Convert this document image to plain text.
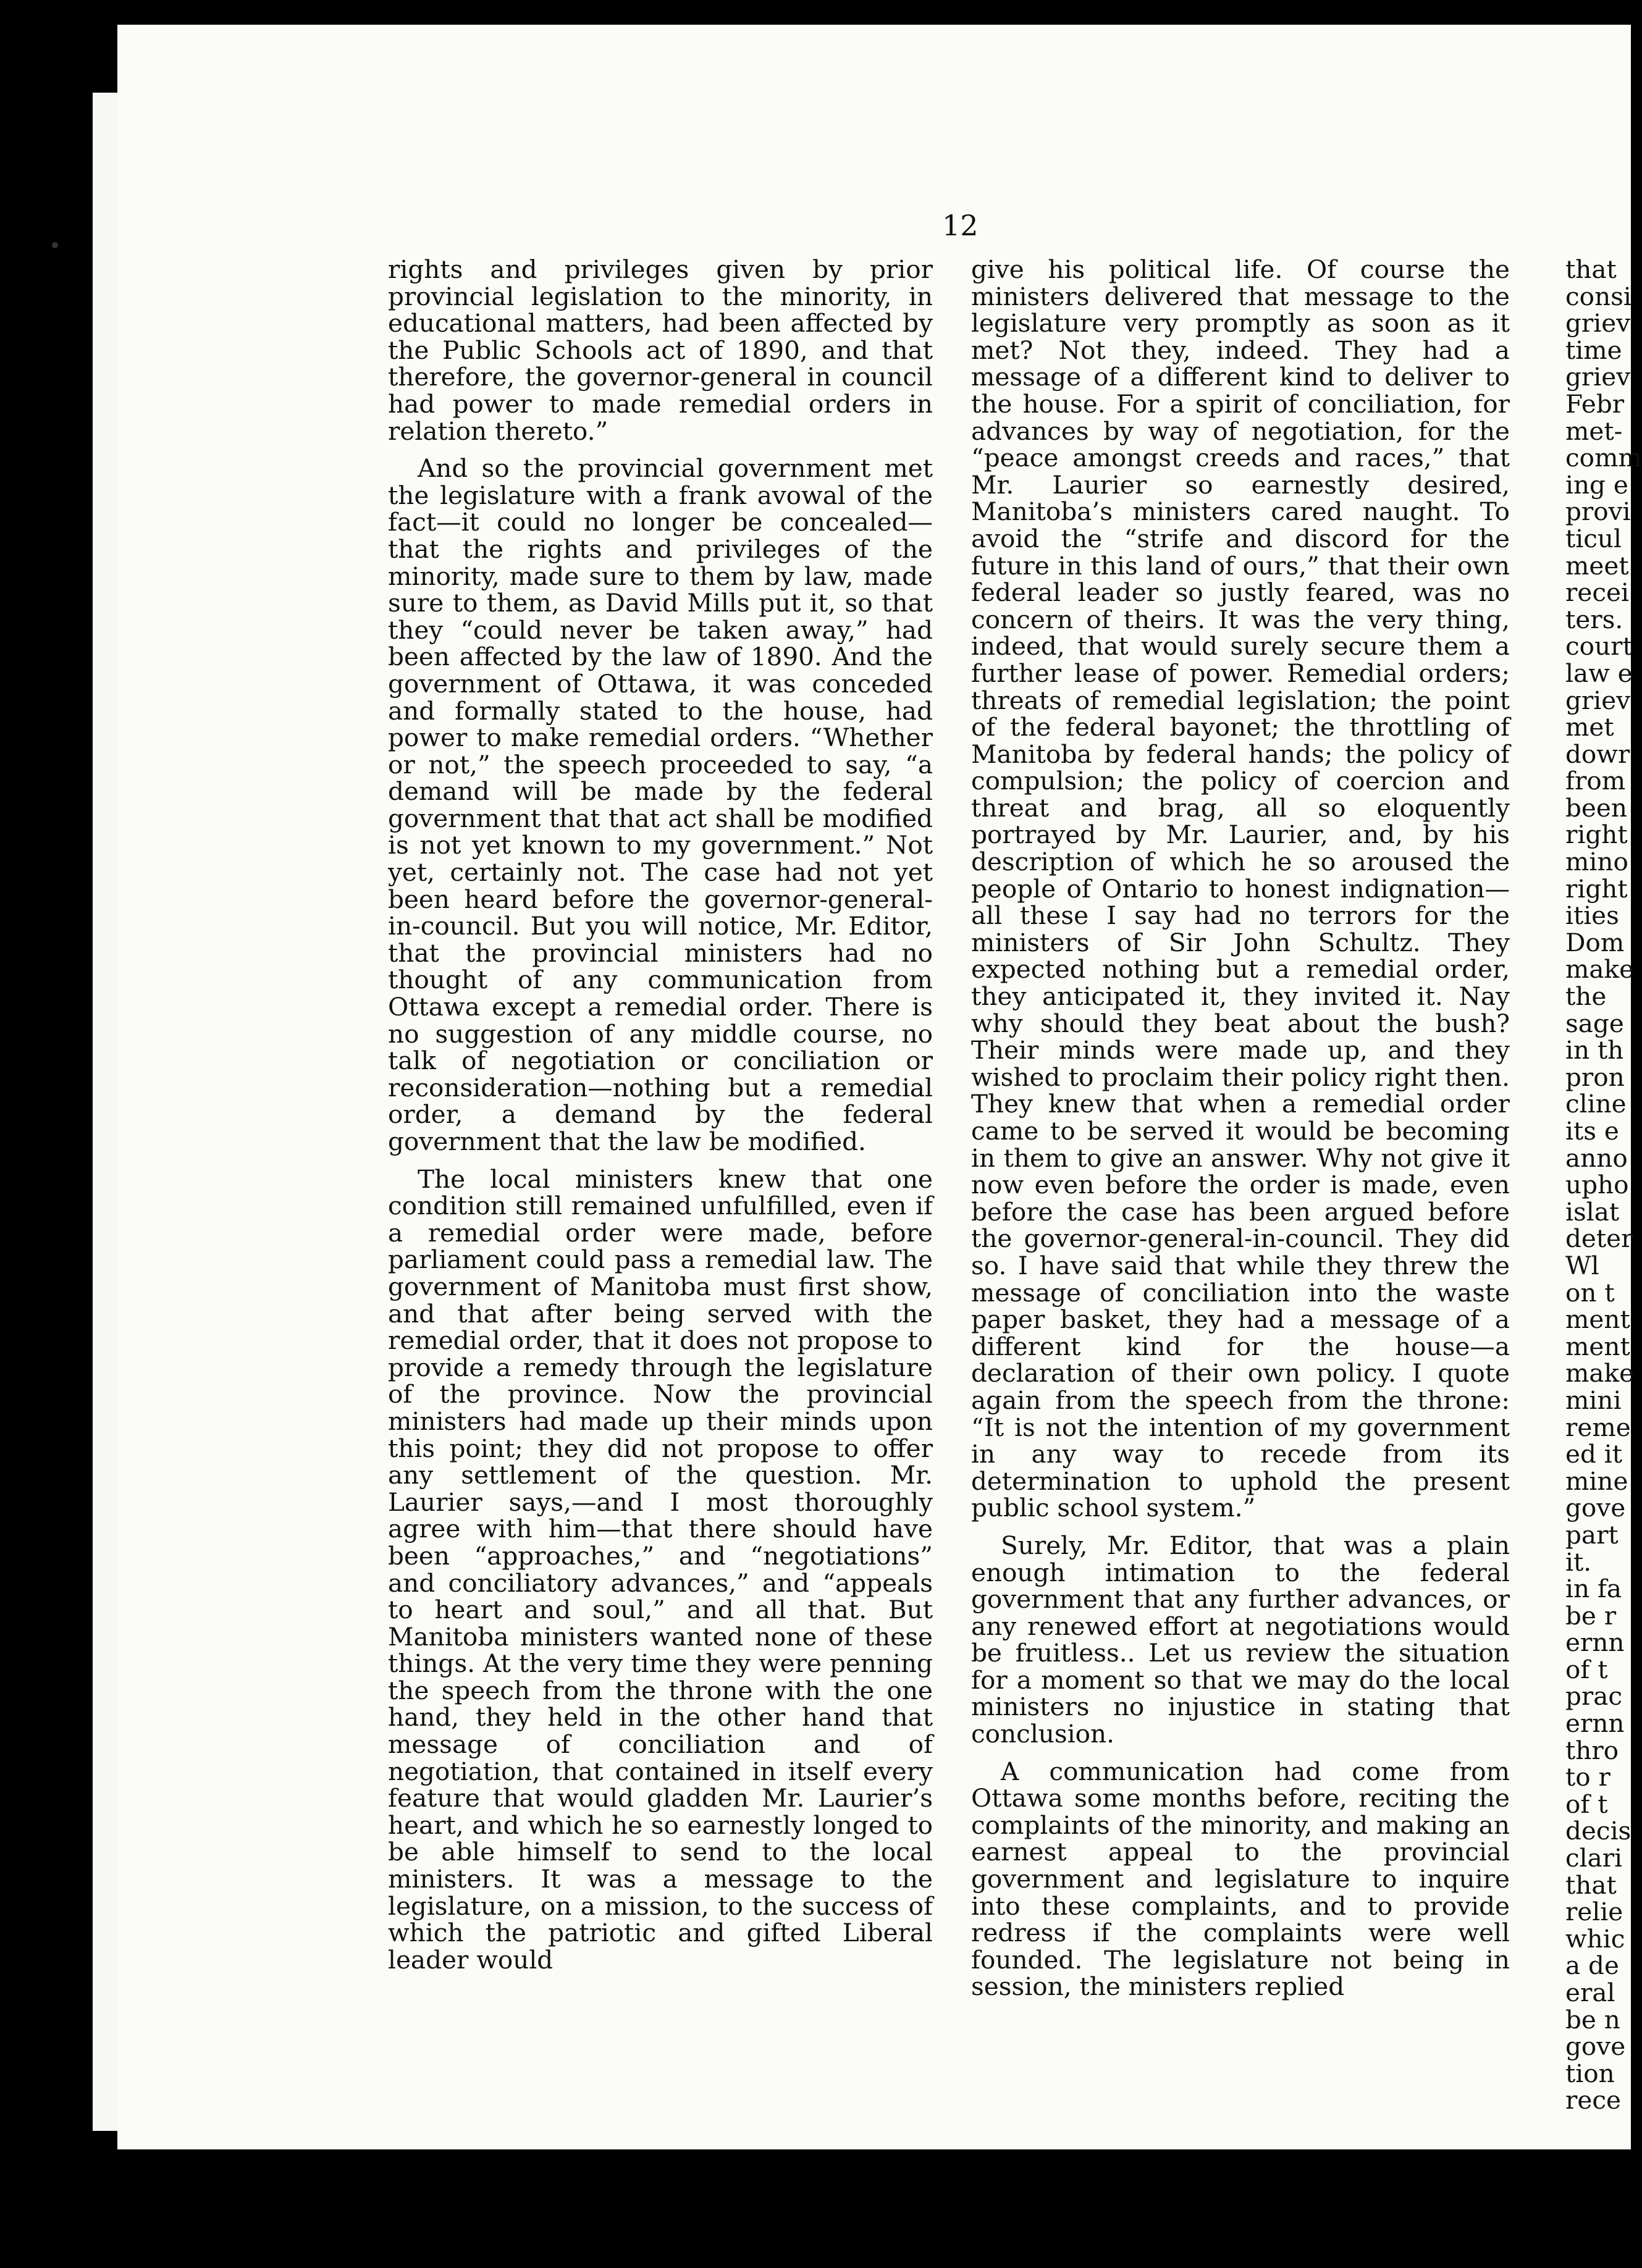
12

rights and privileges given by prior provincial legislation to the minority, in educational matters, had been affected by the Public Schools act of 1890, and that therefore, the governor-general in council had power to made remedial orders in relation thereto.”

And so the provincial government met the legislature with a frank avowal of the fact—it could no longer be concealed—that the rights and privileges of the minority, made sure to them by law, made sure to them, as David Mills put it, so that they “could never be taken away,” had been affected by the law of 1890. And the government of Ottawa, it was conceded and formally stated to the house, had power to make remedial orders. “Whether or not,” the speech proceeded to say, “a demand will be made by the federal government that that act shall be modified is not yet known to my government.” Not yet, certainly not. The case had not yet been heard before the governor-general-in-council. But you will notice, Mr. Editor, that the provincial ministers had no thought of any communication from Ottawa except a remedial order. There is no suggestion of any middle course, no talk of negotiation or conciliation or reconsideration—nothing but a remedial order, a demand by the federal government that the law be modified.

The local ministers knew that one condition still remained unfulfilled, even if a remedial order were made, before parliament could pass a remedial law. The government of Manitoba must first show, and that after being served with the remedial order, that it does not propose to provide a remedy through the legislature of the province. Now the provincial ministers had made up their minds upon this point; they did not propose to offer any settlement of the question. Mr. Laurier says,—and I most thoroughly agree with him—that there should have been “approaches,” and “negotiations” and conciliatory advances,” and “appeals to heart and soul,” and all that. But Manitoba ministers wanted none of these things. At the very time they were penning the speech from the throne with the one hand, they held in the other hand that message of conciliation and of negotiation, that contained in itself every feature that would gladden Mr. Laurier’s heart, and which he so earnestly longed to be able himself to send to the local ministers. It was a message to the legislature, on a mission, to the success of which the patriotic and gifted Liberal leader would

give his political life. Of course the ministers delivered that message to the legislature very promptly as soon as it met? Not they, indeed. They had a message of a different kind to deliver to the house. For a spirit of conciliation, for advances by way of negotiation, for the “peace amongst creeds and races,” that Mr. Laurier so earnestly desired, Manitoba’s ministers cared naught. To avoid the “strife and discord for the future in this land of ours,” that their own federal leader so justly feared, was no concern of theirs. It was the very thing, indeed, that would surely secure them a further lease of power. Remedial orders; threats of remedial legislation; the point of the federal bayonet; the throttling of Manitoba by federal hands; the policy of compulsion; the policy of coercion and threat and brag, all so eloquently portrayed by Mr. Laurier, and, by his description of which he so aroused the people of Ontario to honest indignation—all these I say had no terrors for the ministers of Sir John Schultz. They expected nothing but a remedial order, they anticipated it, they invited it. Nay why should they beat about the bush? Their minds were made up, and they wished to proclaim their policy right then. They knew that when a remedial order came to be served it would be becoming in them to give an answer. Why not give it now even before the order is made, even before the case has been argued before the governor-general-in-council. They did so. I have said that while they threw the message of conciliation into the waste paper basket, they had a message of a different kind for the house—a declaration of their own policy. I quote again from the speech from the throne: “It is not the intention of my government in any way to recede from its determination to uphold the present public school system.”

Surely, Mr. Editor, that was a plain enough intimation to the federal government that any further advances, or any renewed effort at negotiations would be fruitless.. Let us review the situation for a moment so that we may do the local ministers no injustice in stating that conclusion.

A communication had come from Ottawa some months before, reciting the complaints of the minority, and making an earnest appeal to the provincial government and legislature to inquire into these complaints, and to provide redress if the complaints were well founded. The legislature not being in session, the ministers replied

that
consi
griev
time
griev
Febr
met-
comm
ing e
provi
ticul
meet
recei
ters.
court
law e
griev
met
dowr
from
been
right
mino
right
ities
Dom
make
the
sage
in th
pron
cline
its e
anno
upho
islat
deter
Wl
on t
ment
ment
make
mini
reme
ed it
mine
gove
part
it.
in fa
be r
ernn
of t
prac
ernn
thro
to r
of t
decis
clari
that
relie
whic
a de
eral
be n
gove
tion
rece
